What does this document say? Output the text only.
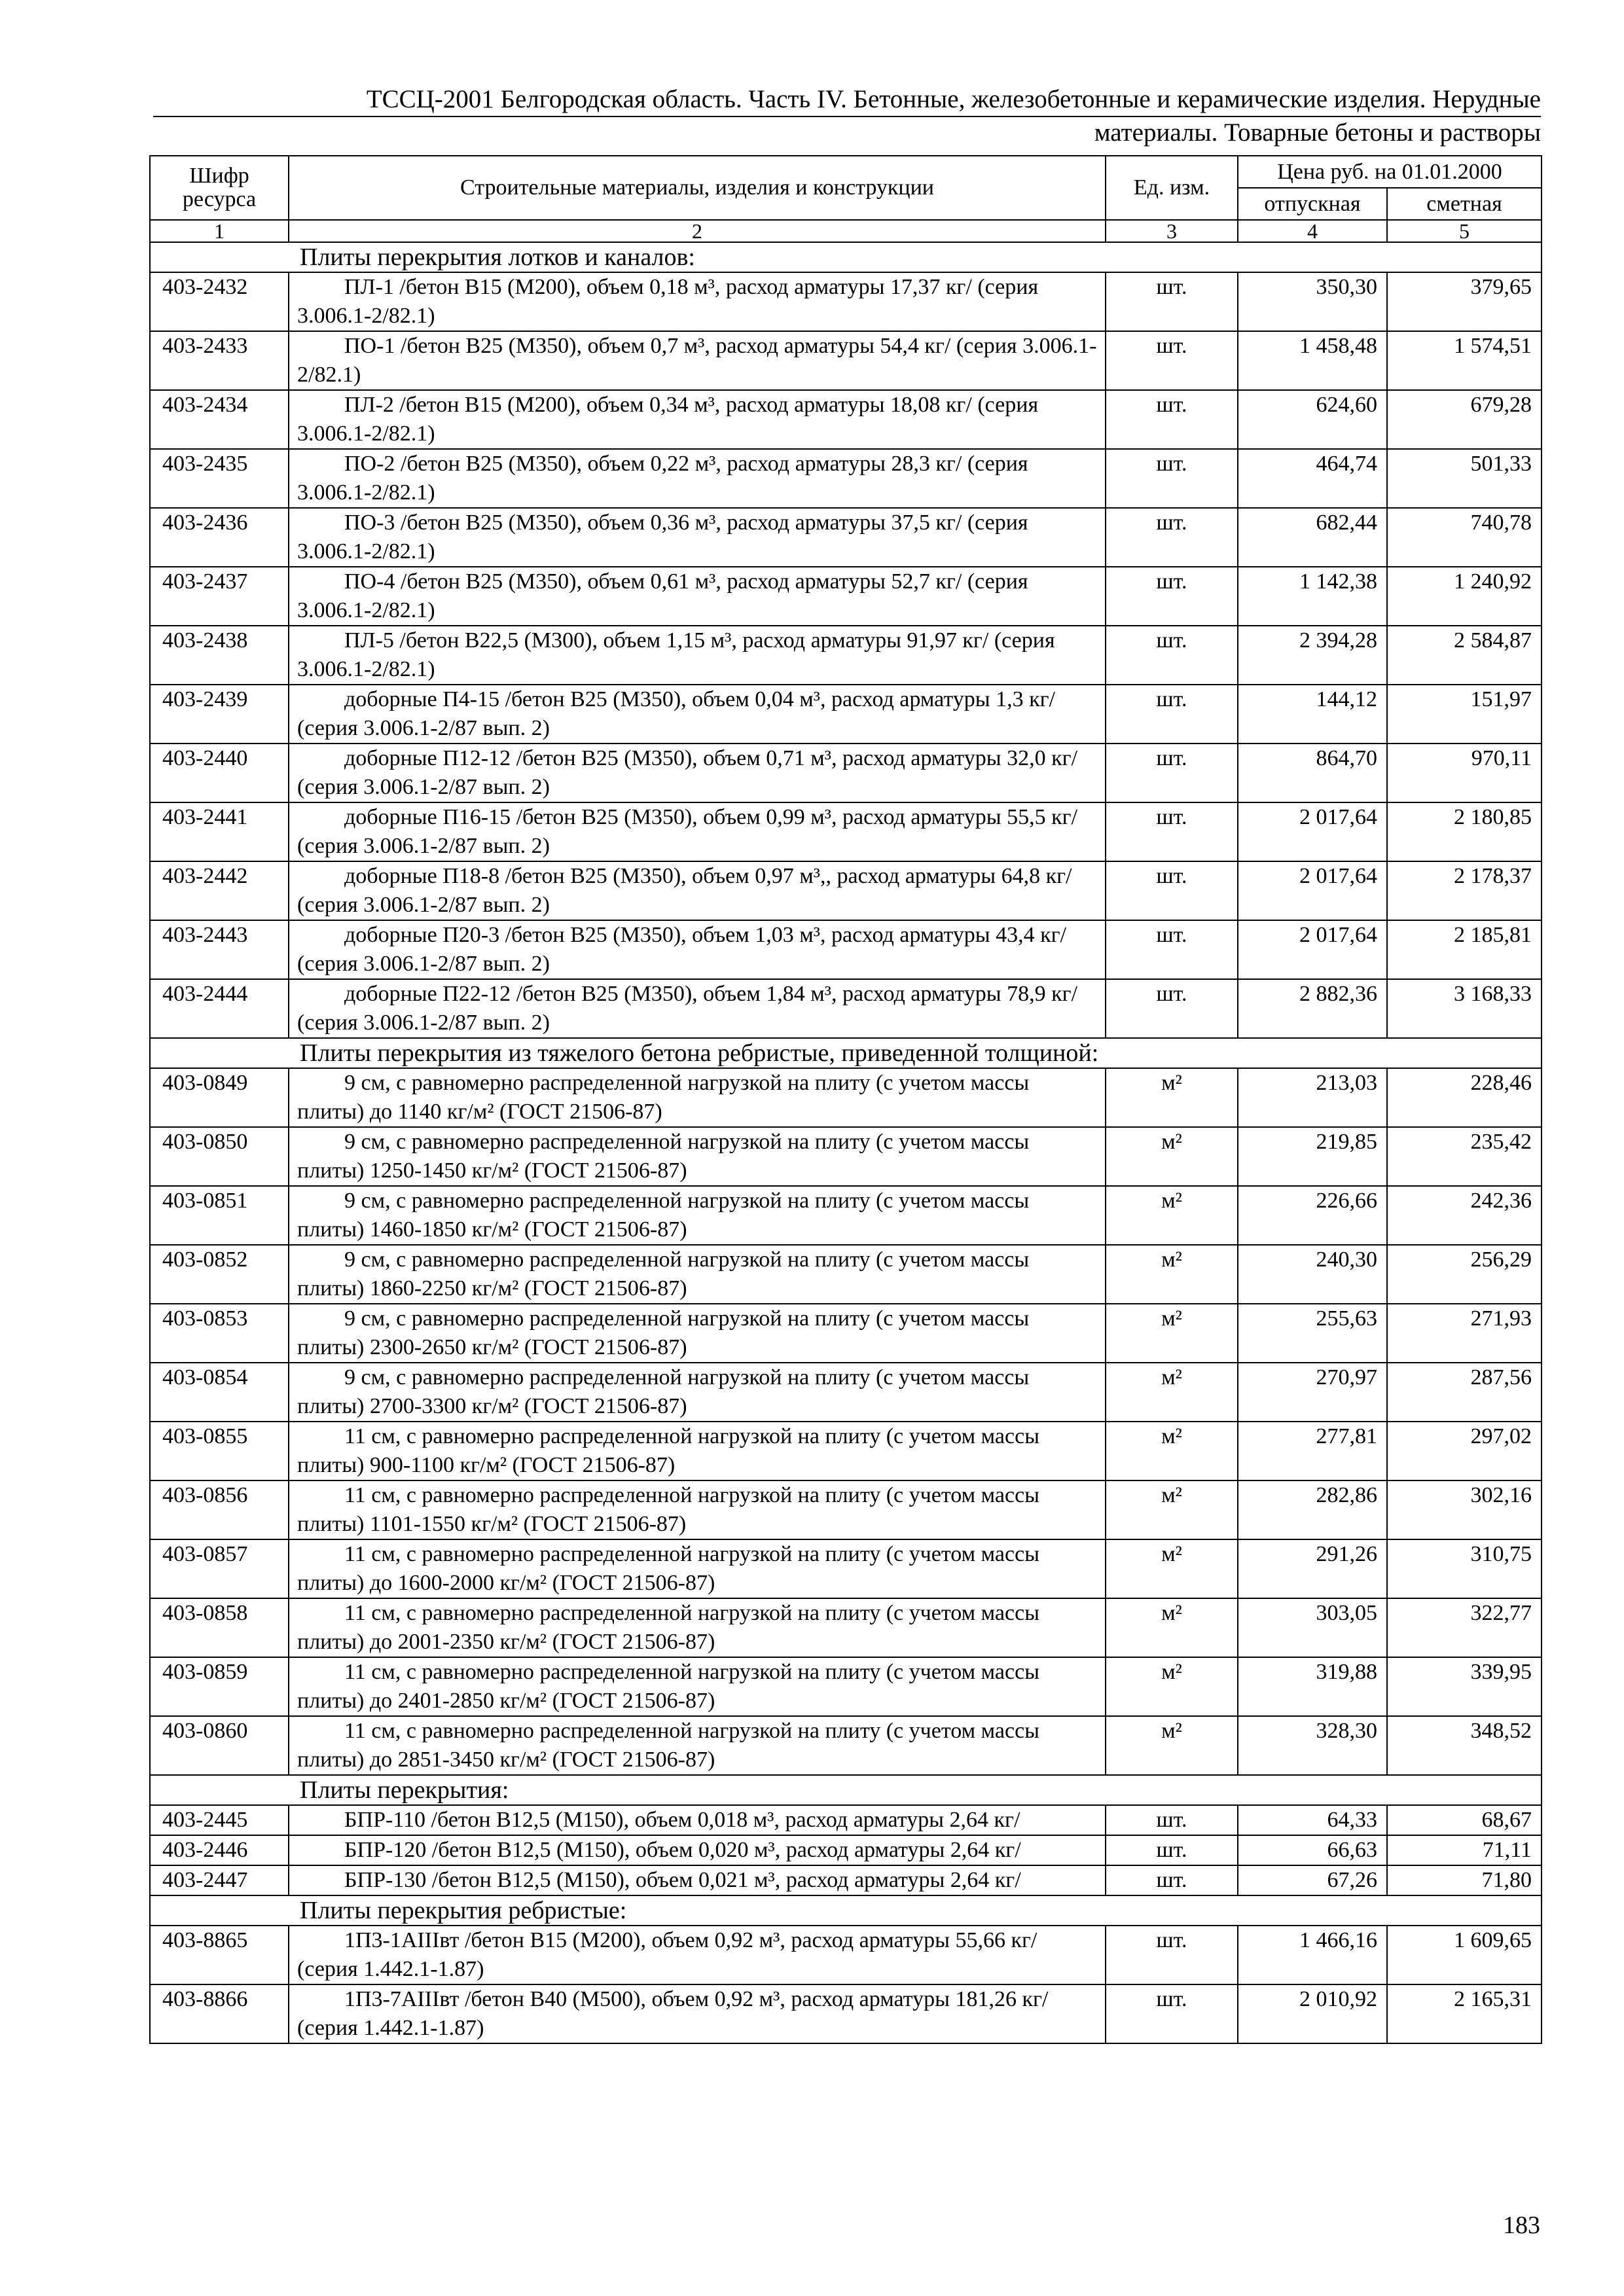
ТССЦ-2001 Белгородская область. Часть IV. Бетонные, железобетонные и керамические изделия. Нерудные
материалы. Товарные бетоны и растворы
Шифр ресурса	Строительные материалы, изделия и конструкции	Ед. изм.	Цена руб. на 01.01.2000	
			отпускная	сметная
1	2	3	4	5
Плиты перекрытия лотков и каналов:				
403-2432	ПЛ-1 /бетон В15 (М200), объем 0,18 м³, расход арматуры 17,37 кг/ (серия 3.006.1-2/82.1)	шт.	350,30	379,65
403-2433	ПО-1 /бетон В25 (М350), объем 0,7 м³, расход арматуры 54,4 кг/ (серия 3.006.1-2/82.1)	шт.	1 458,48	1 574,51
403-2434	ПЛ-2 /бетон В15 (М200), объем 0,34 м³, расход арматуры 18,08 кг/ (серия 3.006.1-2/82.1)	шт.	624,60	679,28
403-2435	ПО-2 /бетон В25 (М350), объем 0,22 м³, расход арматуры 28,3 кг/ (серия 3.006.1-2/82.1)	шт.	464,74	501,33
403-2436	ПО-3 /бетон В25 (М350), объем 0,36 м³, расход арматуры 37,5 кг/ (серия 3.006.1-2/82.1)	шт.	682,44	740,78
403-2437	ПО-4 /бетон В25 (М350), объем 0,61 м³, расход арматуры 52,7 кг/ (серия 3.006.1-2/82.1)	шт.	1 142,38	1 240,92
403-2438	ПЛ-5 /бетон В22,5 (М300), объем 1,15 м³, расход арматуры 91,97 кг/ (серия 3.006.1-2/82.1)	шт.	2 394,28	2 584,87
403-2439	доборные П4-15 /бетон В25 (М350), объем 0,04 м³, расход арматуры 1,3 кг/ (серия 3.006.1-2/87 вып. 2)	шт.	144,12	151,97
403-2440	доборные П12-12 /бетон В25 (М350), объем 0,71 м³, расход арматуры 32,0 кг/ (серия 3.006.1-2/87 вып. 2)	шт.	864,70	970,11
403-2441	доборные П16-15 /бетон В25 (М350), объем 0,99 м³, расход арматуры 55,5 кг/ (серия 3.006.1-2/87 вып. 2)	шт.	2 017,64	2 180,85
403-2442	доборные П18-8 /бетон В25 (М350), объем 0,97 м³,, расход арматуры 64,8 кг/ (серия 3.006.1-2/87 вып. 2)	шт.	2 017,64	2 178,37
403-2443	доборные П20-3 /бетон В25 (М350), объем 1,03 м³, расход арматуры 43,4 кг/ (серия 3.006.1-2/87 вып. 2)	шт.	2 017,64	2 185,81
403-2444	доборные П22-12 /бетон В25 (М350), объем 1,84 м³, расход арматуры 78,9 кг/ (серия 3.006.1-2/87 вып. 2)	шт.	2 882,36	3 168,33
Плиты перекрытия из тяжелого бетона ребристые, приведенной толщиной:				
403-0849	9 см, с равномерно распределенной нагрузкой на плиту (с учетом массы плиты) до 1140 кг/м² (ГОСТ 21506-87)	м²	213,03	228,46
403-0850	9 см, с равномерно распределенной нагрузкой на плиту (с учетом массы плиты) 1250-1450 кг/м² (ГОСТ 21506-87)	м²	219,85	235,42
403-0851	9 см, с равномерно распределенной нагрузкой на плиту (с учетом массы плиты) 1460-1850 кг/м² (ГОСТ 21506-87)	м²	226,66	242,36
403-0852	9 см, с равномерно распределенной нагрузкой на плиту (с учетом массы плиты) 1860-2250 кг/м² (ГОСТ 21506-87)	м²	240,30	256,29
403-0853	9 см, с равномерно распределенной нагрузкой на плиту (с учетом массы плиты) 2300-2650 кг/м² (ГОСТ 21506-87)	м²	255,63	271,93
403-0854	9 см, с равномерно распределенной нагрузкой на плиту (с учетом массы плиты) 2700-3300 кг/м² (ГОСТ 21506-87)	м²	270,97	287,56
403-0855	11 см, с равномерно распределенной нагрузкой на плиту (с учетом массы плиты) 900-1100 кг/м² (ГОСТ 21506-87)	м²	277,81	297,02
403-0856	11 см, с равномерно распределенной нагрузкой на плиту (с учетом массы плиты) 1101-1550 кг/м² (ГОСТ 21506-87)	м²	282,86	302,16
403-0857	11 см, с равномерно распределенной нагрузкой на плиту (с учетом массы плиты) до 1600-2000 кг/м² (ГОСТ 21506-87)	м²	291,26	310,75
403-0858	11 см, с равномерно распределенной нагрузкой на плиту (с учетом массы плиты) до 2001-2350 кг/м² (ГОСТ 21506-87)	м²	303,05	322,77
403-0859	11 см, с равномерно распределенной нагрузкой на плиту (с учетом массы плиты) до 2401-2850 кг/м² (ГОСТ 21506-87)	м²	319,88	339,95
403-0860	11 см, с равномерно распределенной нагрузкой на плиту (с учетом массы плиты) до 2851-3450 кг/м² (ГОСТ 21506-87)	м²	328,30	348,52
Плиты перекрытия:				
403-2445	БПР-110 /бетон В12,5 (М150), объем 0,018 м³, расход арматуры 2,64 кг/	шт.	64,33	68,67
403-2446	БПР-120 /бетон В12,5 (М150), объем 0,020 м³, расход арматуры 2,64 кг/	шт.	66,63	71,11
403-2447	БПР-130 /бетон В12,5 (М150), объем 0,021 м³, расход арматуры 2,64 кг/	шт.	67,26	71,80
Плиты перекрытия ребристые:				
403-8865	1П3-1АIIIвт /бетон В15 (М200), объем 0,92 м³, расход арматуры 55,66 кг/ (серия 1.442.1-1.87)	шт.	1 466,16	1 609,65
403-8866	1П3-7АIIIвт /бетон В40 (М500), объем 0,92 м³, расход арматуры 181,26 кг/ (серия 1.442.1-1.87)	шт.	2 010,92	2 165,31
183
